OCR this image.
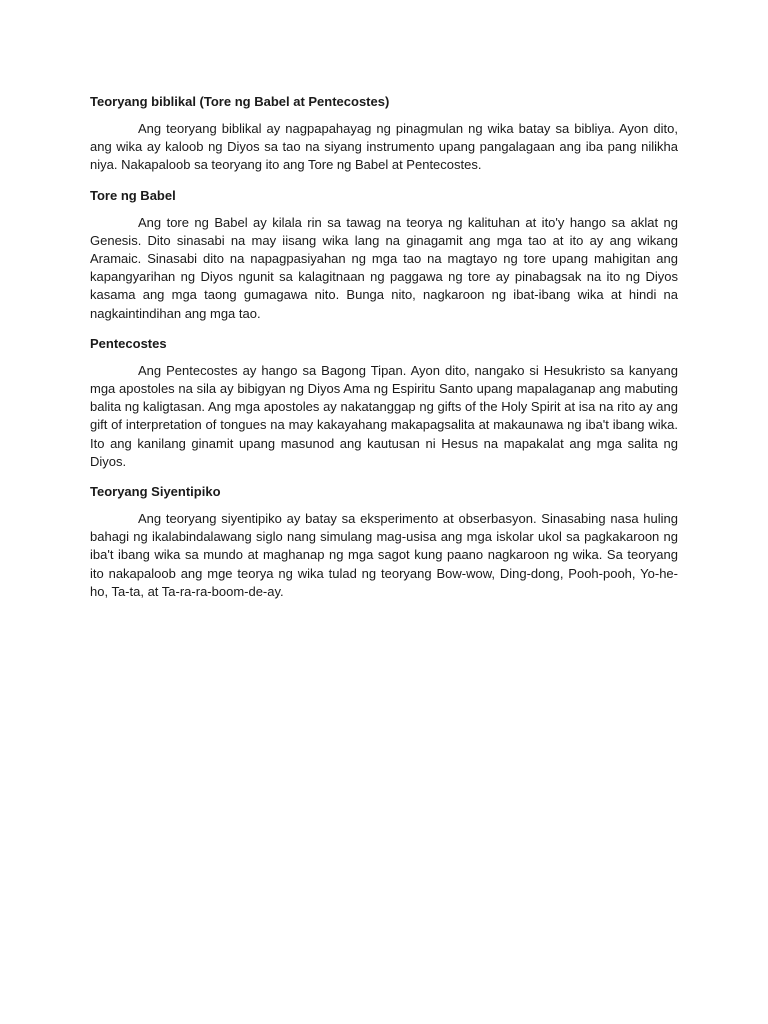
Teoryang biblikal (Tore ng Babel at Pentecostes)

Ang teoryang biblikal ay nagpapahayag ng pinagmulan ng wika batay sa bibliya. Ayon dito, ang wika ay kaloob ng Diyos sa tao na siyang instrumento upang pangalagaan ang iba pang nilikha niya. Nakapaloob sa teoryang ito ang Tore ng Babel at Pentecostes.

Tore ng Babel

Ang tore ng Babel ay kilala rin sa tawag na teorya ng kalituhan at ito'y hango sa aklat ng Genesis. Dito sinasabi na may iisang wika lang na ginagamit ang mga tao at ito ay ang wikang Aramaic. Sinasabi dito na napagpasiyahan ng mga tao na magtayo ng tore upang mahigitan ang kapangyarihan ng Diyos ngunit sa kalagitnaan ng paggawa ng tore ay pinabagsak na ito ng Diyos kasama ang mga taong gumagawa nito. Bunga nito, nagkaroon ng ibat-ibang wika at hindi na nagkaintindihan ang mga tao.

Pentecostes

Ang Pentecostes ay hango sa Bagong Tipan. Ayon dito, nangako si Hesukristo sa kanyang mga apostoles na sila ay bibigyan ng Diyos Ama ng Espiritu Santo upang mapalaganap ang mabuting balita ng kaligtasan. Ang mga apostoles ay nakatanggap ng gifts of the Holy Spirit at isa na rito ay ang gift of interpretation of tongues na may kakayahang makapagsalita at makaunawa ng iba't ibang wika. Ito ang kanilang ginamit upang masunod ang kautusan ni Hesus na mapakalat ang mga salita ng Diyos.

Teoryang Siyentipiko

Ang teoryang siyentipiko ay batay sa eksperimento at obserbasyon. Sinasabing nasa huling bahagi ng ikalabindalawang siglo nang simulang mag-usisa ang mga iskolar ukol sa pagkakaroon ng iba't ibang wika sa mundo at maghanap ng mga sagot kung paano nagkaroon ng wika. Sa teoryang ito nakapaloob ang mge teorya ng wika tulad ng teoryang Bow-wow, Ding-dong, Pooh-pooh, Yo-he-ho, Ta-ta, at Ta-ra-ra-boom-de-ay.
